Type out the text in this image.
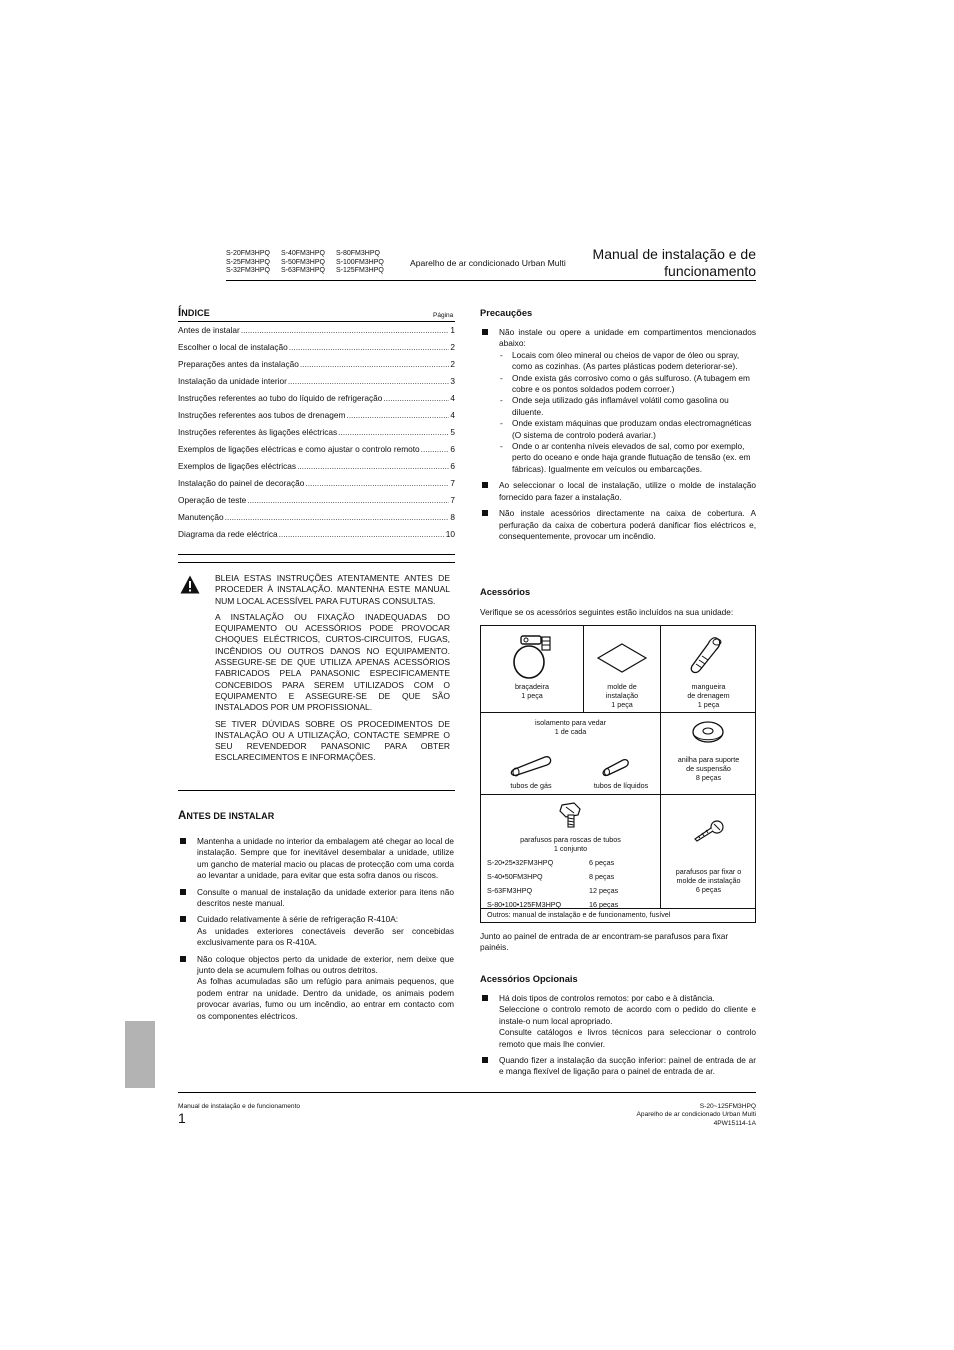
S-20FM3HPQ	S-40FM3HPQ	S-80FM3HPQ
S-25FM3HPQ	S-50FM3HPQ	S-100FM3HPQ
S-32FM3HPQ	S-63FM3HPQ	S-125FM3HPQ
Aparelho de ar condicionado Urban Multi
Manual de instalação e de funcionamento
ÍNDICE	Página
Antes de instalar .....	1
Escolher o local de instalação .....	2
Preparações antes da instalação .....	2
Instalação da unidade interior .....	3
Instruções referentes ao tubo do líquido de refrigeração .....	4
Instruções referentes aos tubos de drenagem .....	4
Instruções referentes às ligações eléctricas .....	5
Exemplos de ligações eléctricas e como ajustar o controlo remoto .....	6
Exemplos de ligações eléctricas .....	6
Instalação do painel de decoração .....	7
Operação de teste .....	7
Manutenção .....	8
Diagrama da rede eléctrica .....	10

BLEIA ESTAS INSTRUÇÕES ATENTAMENTE ANTES DE PROCEDER À INSTALAÇÃO. MANTENHA ESTE MANUAL NUM LOCAL ACESSÍVEL PARA FUTURAS CONSULTAS.

A INSTALAÇÃO OU FIXAÇÃO INADEQUADAS DO EQUIPAMENTO OU ACESSÓRIOS PODE PROVOCAR CHOQUES ELÉCTRICOS, CURTOS-CIRCUITOS, FUGAS, INCÊNDIOS OU OUTROS DANOS NO EQUIPAMENTO. ASSEGURE-SE DE QUE UTILIZA APENAS ACESSÓRIOS FABRICADOS PELA PANASONIC ESPECIFICAMENTE CONCEBIDOS PARA SEREM UTILIZADOS COM O EQUIPAMENTO E ASSEGURE-SE DE QUE SÃO INSTALADOS POR UM PROFISSIONAL.

SE TIVER DÚVIDAS SOBRE OS PROCEDIMENTOS DE INSTALAÇÃO OU A UTILIZAÇÃO, CONTACTE SEMPRE O SEU REVENDEDOR PANASONIC PARA OBTER ESCLARECIMENTOS E INFORMAÇÕES.

ANTES DE INSTALAR
Mantenha a unidade no interior da embalagem até chegar ao local de instalação. Sempre que for inevitável desembalar a unidade, utilize um gancho de material macio ou placas de protecção com uma corda ao levantar a unidade, para evitar que esta sofra danos ou riscos.
Consulte o manual de instalação da unidade exterior para itens não descritos neste manual.
Cuidado relativamente à série de refrigeração R-410A:
As unidades exteriores conectáveis deverão ser concebidas exclusivamente para os R-410A.
Não coloque objectos perto da unidade de exterior, nem deixe que junto dela se acumulem folhas ou outros detritos.
As folhas acumuladas são um refúgio para animais pequenos, que podem entrar na unidade. Dentro da unidade, os animais podem provocar avarias, fumo ou um incêndio, ao entrar em contacto com os componentes eléctricos.
Precauções
Não instale ou opere a unidade em compartimentos mencionados abaixo:
- Locais com óleo mineral ou cheios de vapor de óleo ou spray, como as cozinhas. (As partes plásticas podem deteriorar-se).
- Onde exista gás corrosivo como o gás sulfuroso. (A tubagem em cobre e os pontos soldados podem corroer.)
- Onde seja utilizado gás inflamável volátil como gasolina ou diluente.
- Onde existam máquinas que produzam ondas electromagnéticas (O sistema de controlo poderá avariar.)
- Onde o ar contenha níveis elevados de sal, como por exemplo, perto do oceano e onde haja grande flutuação de tensão (ex. em fábricas). Igualmente em veículos ou embarcações.
Ao seleccionar o local de instalação, utilize o molde de instalação fornecido para fazer a instalação.
Não instale acessórios directamente na caixa de cobertura. A perfuração da caixa de cobertura poderá danificar fios eléctricos e, consequentemente, provocar um incêndio.
Acessórios
Verifique se os acessórios seguintes estão incluídos na sua unidade:
braçadeira
1 peça
molde de
instalação
1 peça
mangueira
de drenagem
1 peça
isolamento para vedar
1 de cada
tubos de gás	tubos de líquidos
anilha para suporte
de suspensão
8 peças
parafusos para roscas de tubos
1 conjunto
S-20•25•32FM3HPQ	6 peças
S-40•50FM3HPQ	8 peças
S-63FM3HPQ	12 peças
S-80•100•125FM3HPQ	16 peças
parafusos par fixar o
molde de instalação
6 peças
Outros: manual de instalação e de funcionamento, fusível
Junto ao painel de entrada de ar encontram-se parafusos para fixar painéis.
Acessórios Opcionais
Há dois tipos de controlos remotos: por cabo e à distância.
Seleccione o controlo remoto de acordo com o pedido do cliente e instale-o num local apropriado.
Consulte catálogos e livros técnicos para seleccionar o controlo remoto que mais lhe convier.
Quando fizer a instalação da sucção inferior: painel de entrada de ar e manga flexível de ligação para o painel de entrada de ar.
Manual de instalação e de funcionamento
1
S-20~125FM3HPQ
Aparelho de ar condicionado Urban Multi
4PW15114-1A
